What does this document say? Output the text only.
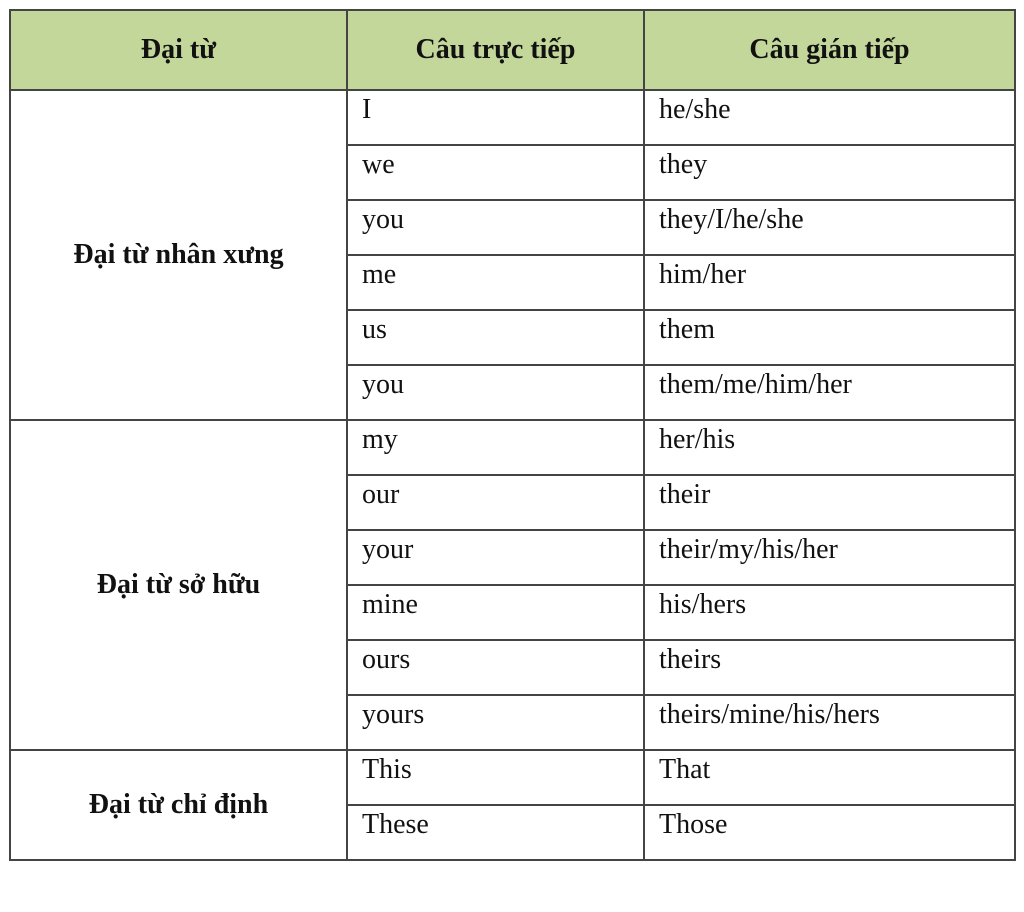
Đại từ	Câu trực tiếp	Câu gián tiếp
Đại từ nhân xưng	I	he/she
	we	they
	you	they/I/he/she
	me	him/her
	us	them
	you	them/me/him/her
Đại từ sở hữu	my	her/his
	our	their
	your	their/my/his/her
	mine	his/hers
	ours	theirs
	yours	theirs/mine/his/hers
Đại từ chỉ định	This	That
	These	Those
